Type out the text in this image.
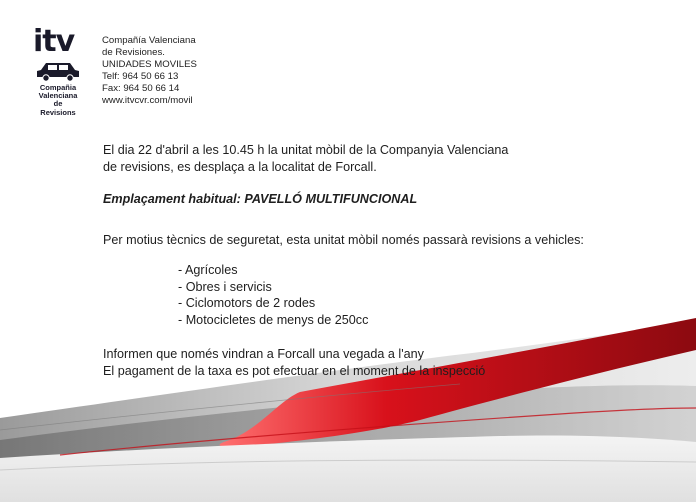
itv
Compañia
Valenciana
de
Revisions
Compañía Valenciana
de Revisiones.
UNIDADES MOVILES
Telf: 964 50 66 13
Fax: 964 50 66 14
www.itvcvr.com/movil
El dia 22 d'abril a les 10.45 h la unitat mòbil de la Companyia Valenciana
de revisions, es desplaça a la localitat de Forcall.
Emplaçament habitual: PAVELLÓ MULTIFUNCIONAL
Per motius tècnics de seguretat, esta unitat mòbil només passarà revisions a vehicles:
- Agrícoles
- Obres i servicis
- Ciclomotors de 2 rodes
- Motocicletes de menys de 250cc
Informen que només vindran a Forcall una vegada a l'any
El pagament de la taxa es pot efectuar en el moment de la inspecció
